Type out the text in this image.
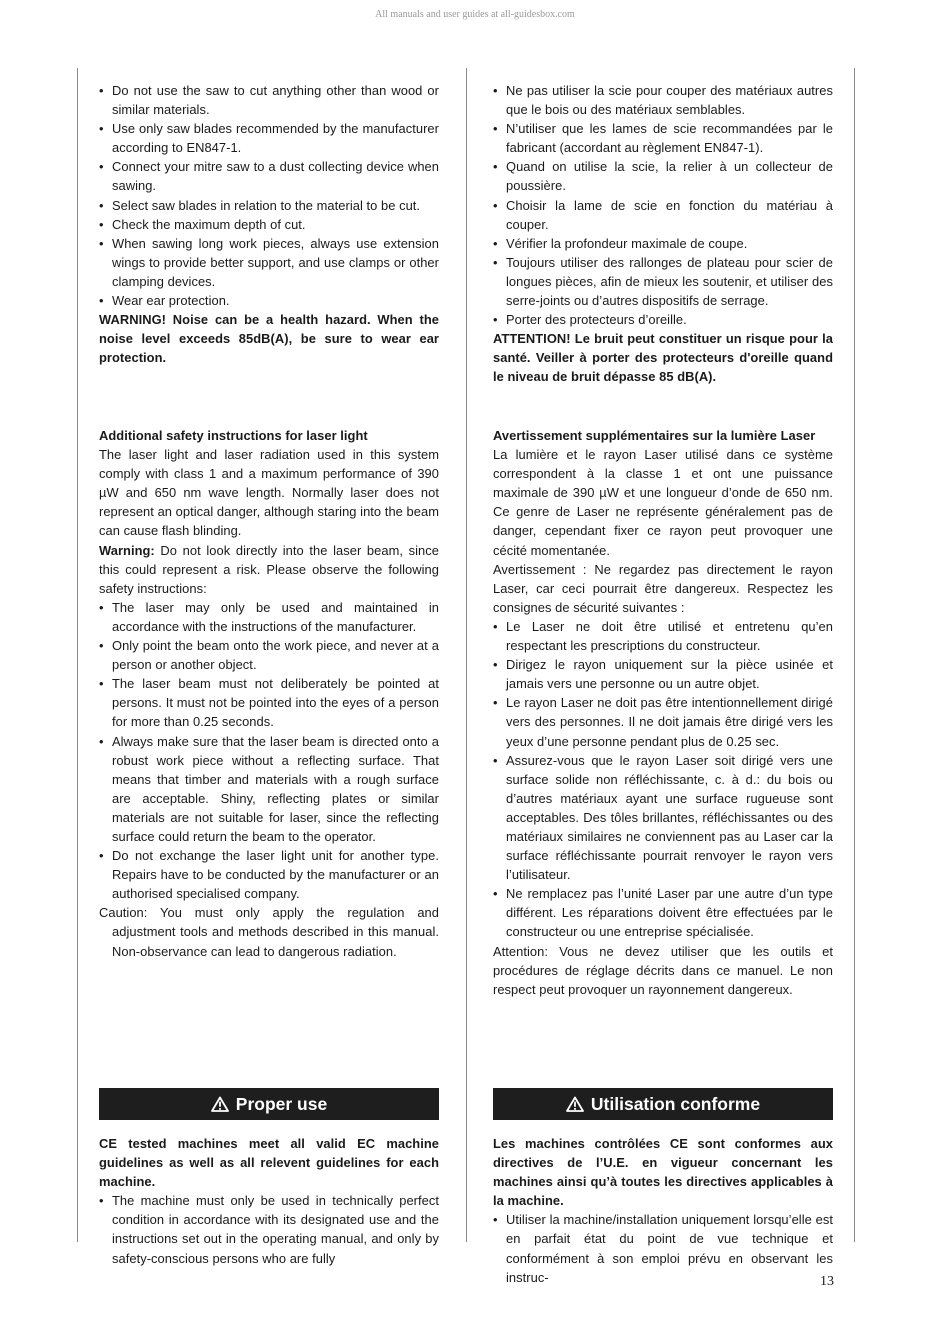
All manuals and user guides at all-guidesbox.com
• Do not use the saw to cut anything other than wood or similar materials.
• Use only saw blades recommended by the manufacturer according to EN847-1.
• Connect your mitre saw to a dust collecting device when sawing.
• Select saw blades in relation to the material to be cut.
• Check the maximum depth of cut.
• When sawing long work pieces, always use extension wings to provide better support, and use clamps or other clamping devices.
• Wear ear protection.

WARNING! Noise can be a health hazard. When the noise level exceeds 85dB(A), be sure to wear ear protection.

Additional safety instructions for laser light

The laser light and laser radiation used in this system comply with class 1 and a maximum performance of 390 µW and 650 nm wave length. Normally laser does not represent an optical danger, although staring into the beam can cause flash blinding.

Warning: Do not look directly into the laser beam, since this could represent a risk. Please observe the following safety instructions:

• The laser may only be used and maintained in accordance with the instructions of the manufacturer.
• Only point the beam onto the work piece, and never at a person or another object.
• The laser beam must not deliberately be pointed at persons. It must not be pointed into the eyes of a person for more than 0.25 seconds.
• Always make sure that the laser beam is directed onto a robust work piece without a reflecting surface. That means that timber and materials with a rough surface are acceptable. Shiny, reflecting plates or similar materials are not suitable for laser, since the reflecting surface could return the beam to the operator.
• Do not exchange the laser light unit for another type. Repairs have to be conducted by the manufacturer or an authorised specialised company.

Caution: You must only apply the regulation and adjustment tools and methods described in this manual. Non-observance can lead to dangerous radiation.

Proper use

CE tested machines meet all valid EC machine guidelines as well as all relevent guidelines for each machine.

• The machine must only be used in technically perfect condition in accordance with its designated use and the instructions set out in the operating manual, and only by safety-conscious persons who are fully
• Ne pas utiliser la scie pour couper des matériaux autres que le bois ou des matériaux semblables.
• N’utiliser que les lames de scie recommandées par le fabricant (accordant au règlement EN847-1).
• Quand on utilise la scie, la relier à un collecteur de poussière.
• Choisir la lame de scie en fonction du matériau à couper.
• Vérifier la profondeur maximale de coupe.
• Toujours utiliser des rallonges de plateau pour scier de longues pièces, afin de mieux les soutenir, et utiliser des serre-joints ou d’autres dispositifs de serrage.
• Porter des protecteurs d’oreille.

ATTENTION! Le bruit peut constituer un risque pour la santé. Veiller à porter des protecteurs d'oreille quand le niveau de bruit dépasse 85 dB(A).

Avertissement supplémentaires sur la lumière Laser

La lumière et le rayon Laser utilisé dans ce système correspondent à la classe 1 et ont une puissance maximale de 390 µW et une longueur d’onde de 650 nm. Ce genre de Laser ne représente généralement pas de danger, cependant fixer ce rayon peut provoquer une cécité momentanée.

Avertissement : Ne regardez pas directement le rayon Laser, car ceci pourrait être dangereux. Respectez les consignes de sécurité suivantes :

• Le Laser ne doit être utilisé et entretenu qu’en respectant les prescriptions du constructeur.
• Dirigez le rayon uniquement sur la pièce usinée et jamais vers une personne ou un autre objet.
• Le rayon Laser ne doit pas être intentionnellement dirigé vers des personnes. Il ne doit jamais être dirigé vers les yeux d’une personne pendant plus de 0.25 sec.
• Assurez-vous que le rayon Laser soit dirigé vers une surface solide non réfléchissante, c. à d.: du bois ou d’autres matériaux ayant une surface rugueuse sont acceptables. Des tôles brillantes, réfléchissantes ou des matériaux similaires ne conviennent pas au Laser car la surface réfléchissante pourrait renvoyer le rayon vers l’utilisateur.
• Ne remplacez pas l’unité Laser par une autre d’un type différent. Les réparations doivent être effectuées par le constructeur ou une entreprise spécialisée.

Attention: Vous ne devez utiliser que les outils et procédures de réglage décrits dans ce manuel. Le non respect peut provoquer un rayonnement dangereux.

Utilisation conforme

Les machines contrôlées CE sont conformes aux directives de l’U.E. en vigueur concernant les machines ainsi qu’à toutes les directives applicables à la machine.

• Utiliser la machine/installation uniquement lorsqu’elle est en parfait état du point de vue technique et conformément à son emploi prévu en observant les instruc-	13
